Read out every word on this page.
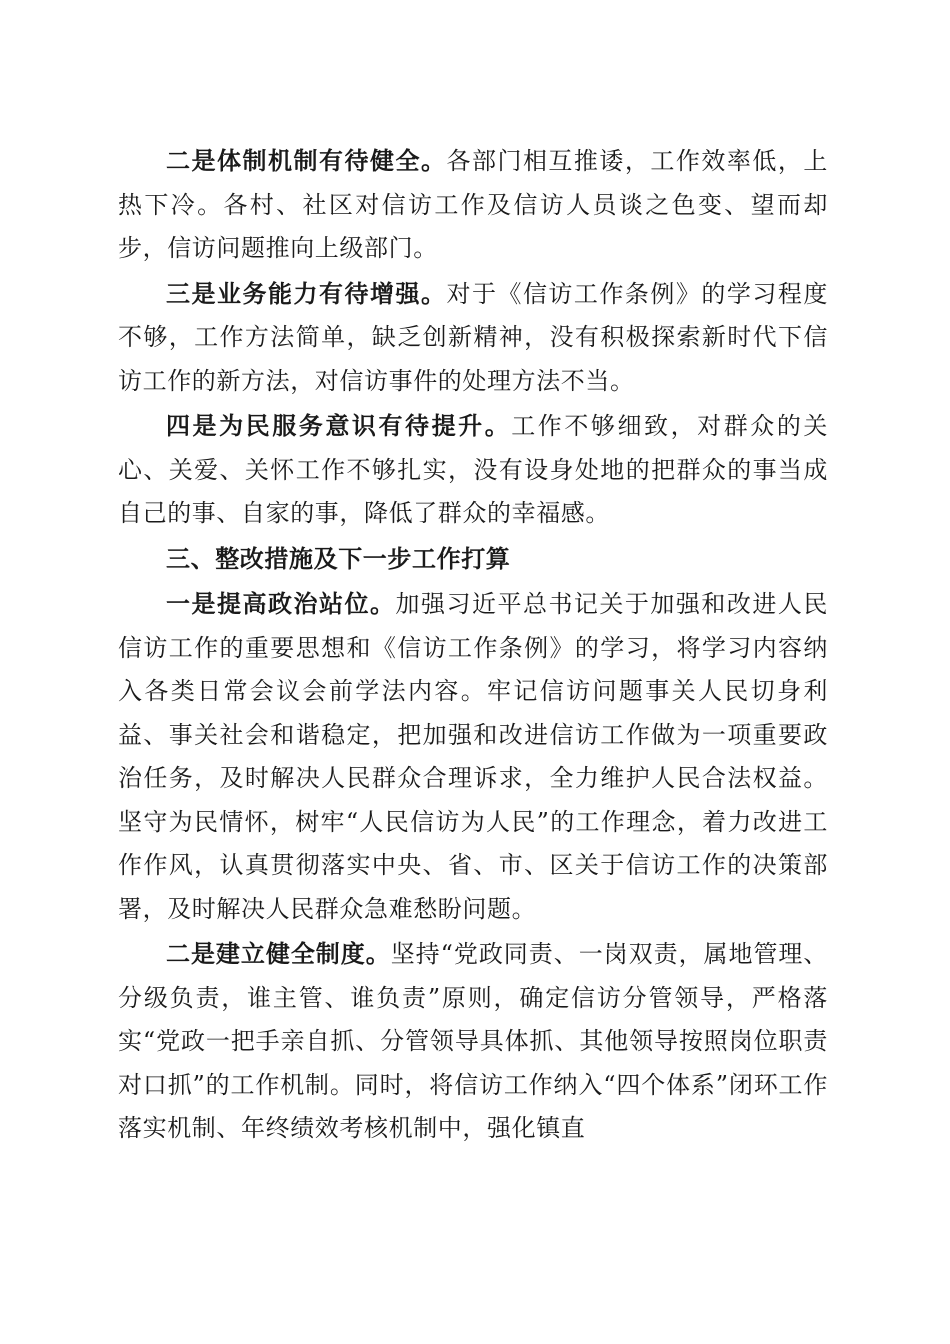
二是体制机制有待健全。各部门相互推诿，工作效率低，上热下冷。各村、社区对信访工作及信访人员谈之色变、望而却步，信访问题推向上级部门。

三是业务能力有待增强。对于《信访工作条例》的学习程度不够，工作方法简单，缺乏创新精神，没有积极探索新时代下信访工作的新方法，对信访事件的处理方法不当。

四是为民服务意识有待提升。工作不够细致，对群众的关心、关爱、关怀工作不够扎实，没有设身处地的把群众的事当成自己的事、自家的事，降低了群众的幸福感。

三、整改措施及下一步工作打算

一是提高政治站位。加强习近平总书记关于加强和改进人民信访工作的重要思想和《信访工作条例》的学习，将学习内容纳入各类日常会议会前学法内容。牢记信访问题事关人民切身利益、事关社会和谐稳定，把加强和改进信访工作做为一项重要政治任务，及时解决人民群众合理诉求，全力维护人民合法权益。坚守为民情怀，树牢“人民信访为人民”的工作理念，着力改进工作作风，认真贯彻落实中央、省、市、区关于信访工作的决策部署，及时解决人民群众急难愁盼问题。

二是建立健全制度。坚持“党政同责、一岗双责，属地管理、分级负责，谁主管、谁负责”原则，确定信访分管领导，严格落实“党政一把手亲自抓、分管领导具体抓、其他领导按照岗位职责对口抓”的工作机制。同时，将信访工作纳入“四个体系”闭环工作落实机制、年终绩效考核机制中，强化镇直
